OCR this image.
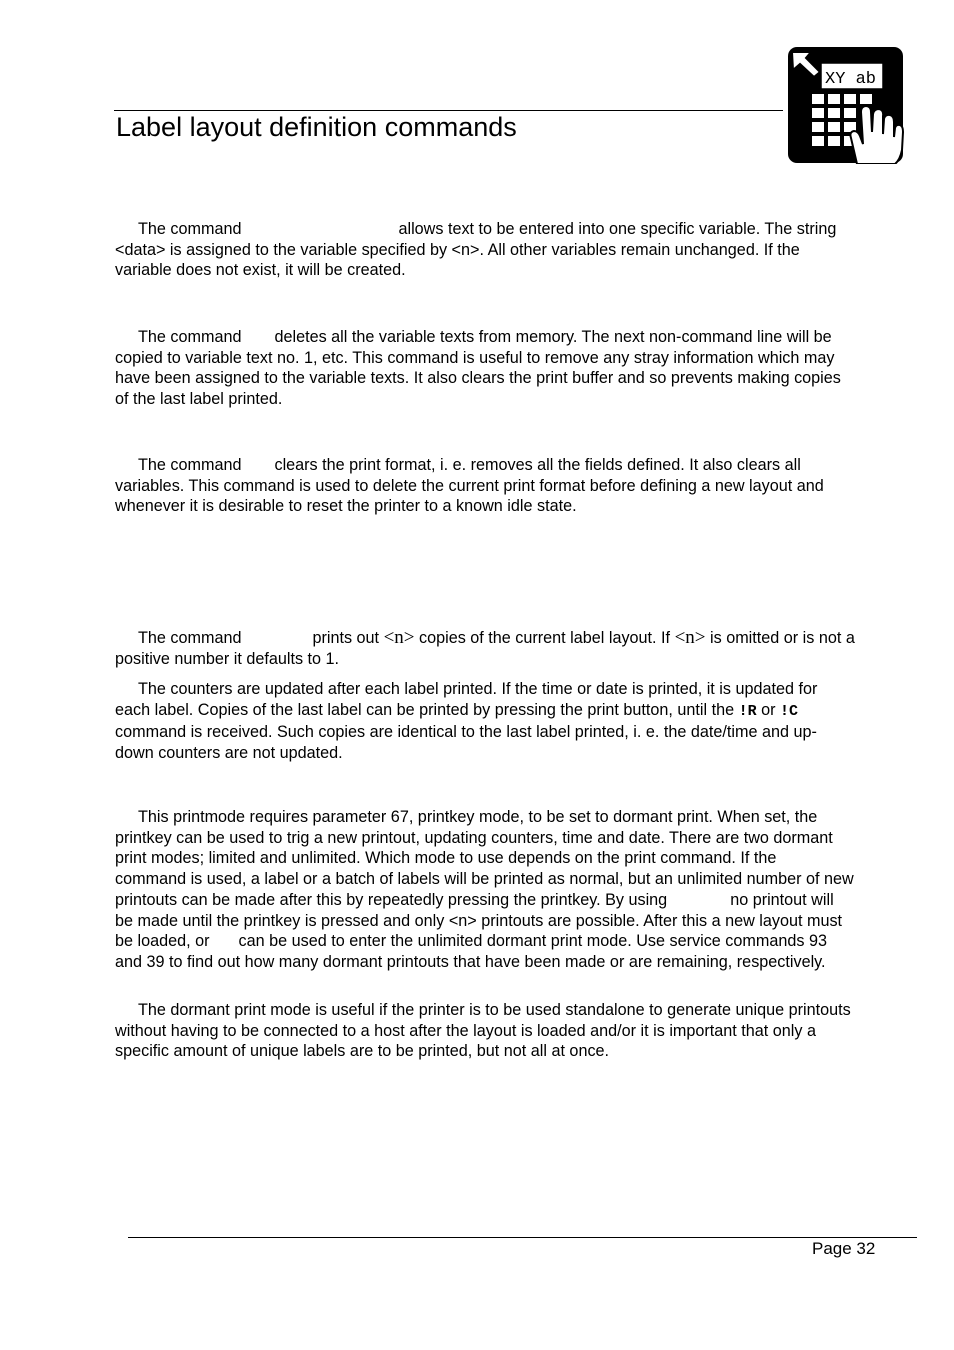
Label layout definition commands
XY ab
The command	allows text to be entered into one specific variable. The string <data> is assigned to the variable specified by <n>. All other variables remain unchanged. If the variable does not exist, it will be created.
The command deletes all the variable texts from memory. The next non-command line will be copied to variable text no. 1, etc. This command is useful to remove any stray information which may have been assigned to the variable texts. It also clears the print buffer and so prevents making copies of the last label printed.
The command clears the print format, i. e. removes all the fields defined. It also clears all variables. This command is used to delete the current print format before defining a new layout and whenever it is desirable to reset the printer to a known idle state.
The command	prints out <n> copies of the current label layout. If <n> is omitted or is not a positive number it defaults to 1.
The counters are updated after each label printed. If the time or date is printed, it is updated for each label. Copies of the last label can be printed by pressing the print button, until the !R or !C command is received. Such copies are identical to the last label printed, i. e. the date/time and up-down counters are not updated.
This printmode requires parameter 67, printkey mode, to be set to dormant print. When set, the printkey can be used to trig a new printout, updating counters, time and date. There are two dormant print modes; limited and unlimited. Which mode to use depends on the print command. If the  command is used, a label or a batch of labels will be printed as normal, but an unlimited number of new printouts can be made after this by repeatedly pressing the printkey. By using	no printout will be made until the printkey is pressed and only <n> printouts are possible. After this a new layout must be loaded, or can be used to enter the unlimited dormant print mode. Use service commands 93 and 39 to find out how many dormant printouts that have been made or are remaining, respectively.
The dormant print mode is useful if the printer is to be used standalone to generate unique printouts without having to be connected to a host after the layout is loaded and/or it is important that only a specific amount of unique labels are to be printed, but not all at once.
Page 32
